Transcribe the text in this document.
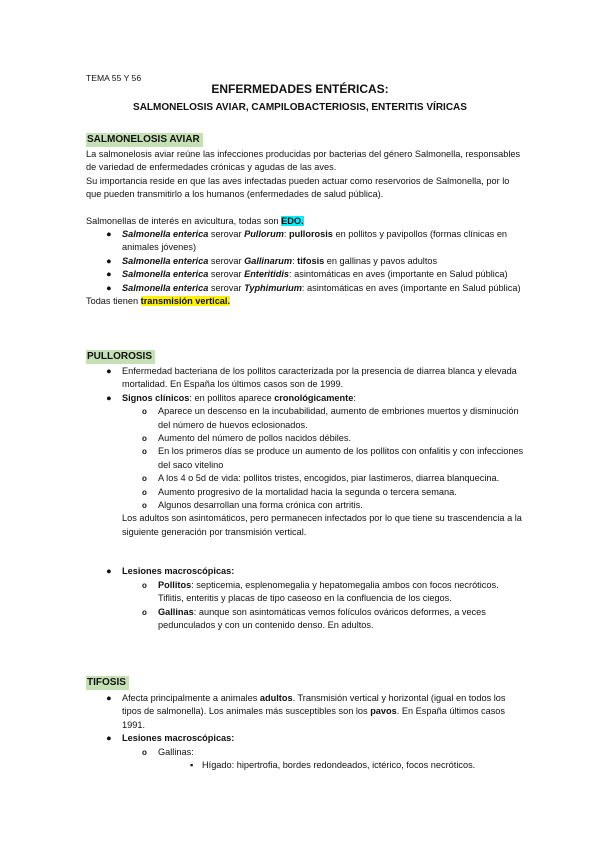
TEMA 55 Y 56
ENFERMEDADES ENTÉRICAS:
SALMONELOSIS AVIAR, CAMPILOBACTERIOSIS, ENTERITIS VÍRICAS
SALMONELOSIS AVIAR

La salmonelosis aviar reúne las infecciones producidas por bacterias del género Salmonella, responsables de variedad de enfermedades crónicas y agudas de las aves.

Su importancia reside en que las aves infectadas pueden actuar como reservorios de Salmonella, por lo que pueden transmitirlo a los humanos (enfermedades de salud pública).

Salmonellas de interés en avicultura, todas son EDO.

● Salmonella enterica serovar Pullorum: pullorosis en pollitos y pavipollos (formas clínicas en animales jóvenes)
● Salmonella enterica serovar Gallinarum: tifosis en gallinas y pavos adultos
● Salmonella enterica serovar Enteritidis: asintomáticas en aves (importante en Salud pública)
● Salmonella enterica serovar Typhimurium: asintomáticas en aves (importante en Salud pública)

Todas tienen transmisión vertical.

PULLOROSIS
● Enfermedad bacteriana de los pollitos caracterizada por la presencia de diarrea blanca y elevada mortalidad. En España los últimos casos son de 1999.
● Signos clínicos: en pollitos aparece cronológicamente:
o Aparece un descenso en la incubabilidad, aumento de embriones muertos y disminución del número de huevos eclosionados.
o Aumento del número de pollos nacidos débiles.
o En los primeros días se produce un aumento de los pollitos con onfalitis y con infecciones del saco vitelino
o A los 4 o 5d de vida: pollitos tristes, encogidos, piar lastimeros, diarrea blanquecina.
o Aumento progresivo de la mortalidad hacia la segunda o tercera semana.
o Algunos desarrollan una forma crónica con artritis.

Los adultos son asintomáticos, pero permanecen infectados por lo que tiene su trascendencia a la siguiente generación por transmisión vertical.

● Lesiones macroscópicas:
o Pollitos: septicemia, esplenomegalia y hepatomegalia ambos con focos necróticos. Tiflitis, enteritis y placas de tipo caseoso en la confluencia de los ciegos.
o Gallinas: aunque son asintomáticas vemos folículos ováricos deformes, a veces pedunculados y con un contenido denso. En adultos.
TIFOSIS
● Afecta principalmente a animales adultos. Transmisión vertical y horizontal (igual en todos los tipos de salmonella). Los animales más susceptibles son los pavos. En España últimos casos 1991.
● Lesiones macroscópicas:
o Gallinas:
▪ Hígado: hipertrofia, bordes redondeados, ictérico, focos necróticos.
